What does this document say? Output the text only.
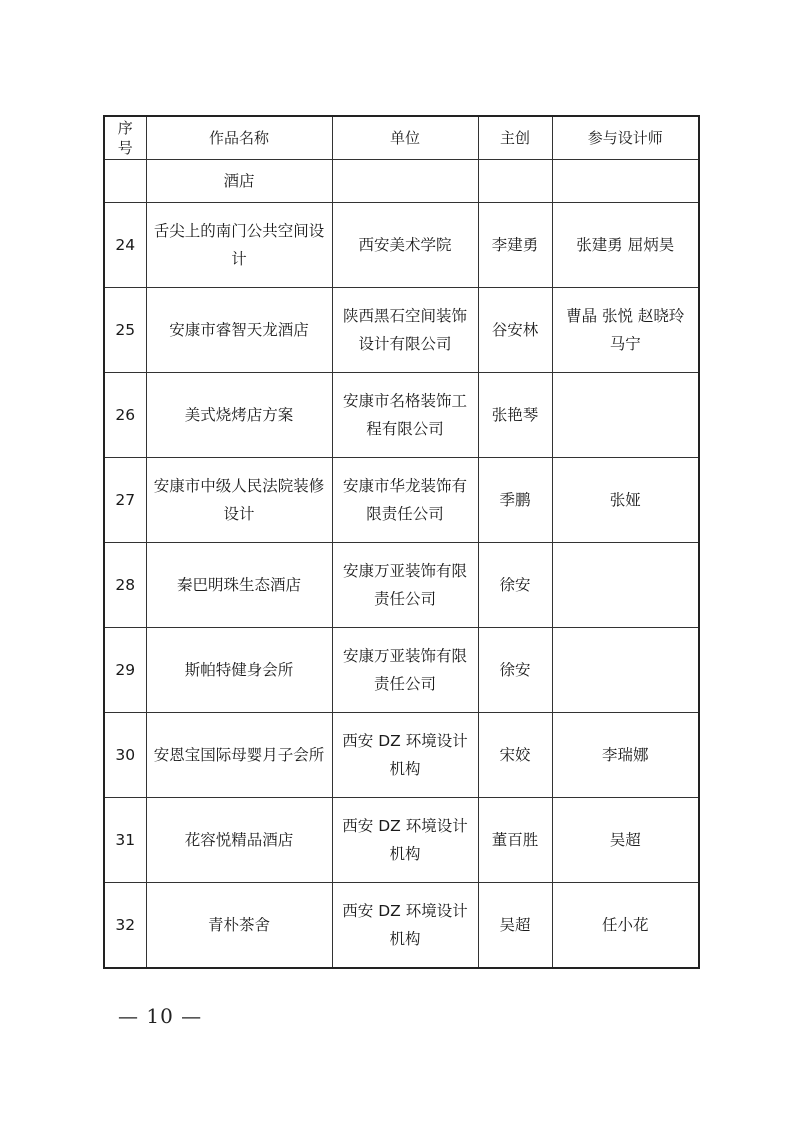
序号	作品名称	单位	主创	参与设计师
	酒店			
24	舌尖上的南门公共空间设计	西安美术学院	李建勇	张建勇 屈炳昊
25	安康市睿智天龙酒店	陕西黑石空间装饰设计有限公司	谷安林	曹晶 张悦 赵晓玲 马宁
26	美式烧烤店方案	安康市名格装饰工程有限公司	张艳琴	
27	安康市中级人民法院装修设计	安康市华龙装饰有限责任公司	季鹏	张娅
28	秦巴明珠生态酒店	安康万亚装饰有限责任公司	徐安	
29	斯帕特健身会所	安康万亚装饰有限责任公司	徐安	
30	安恩宝国际母婴月子会所	西安 DZ 环境设计机构	宋姣	李瑞娜
31	花容悦精品酒店	西安 DZ 环境设计机构	董百胜	吴超
32	青朴茶舍	西安 DZ 环境设计机构	吴超	任小花
— 10 —
